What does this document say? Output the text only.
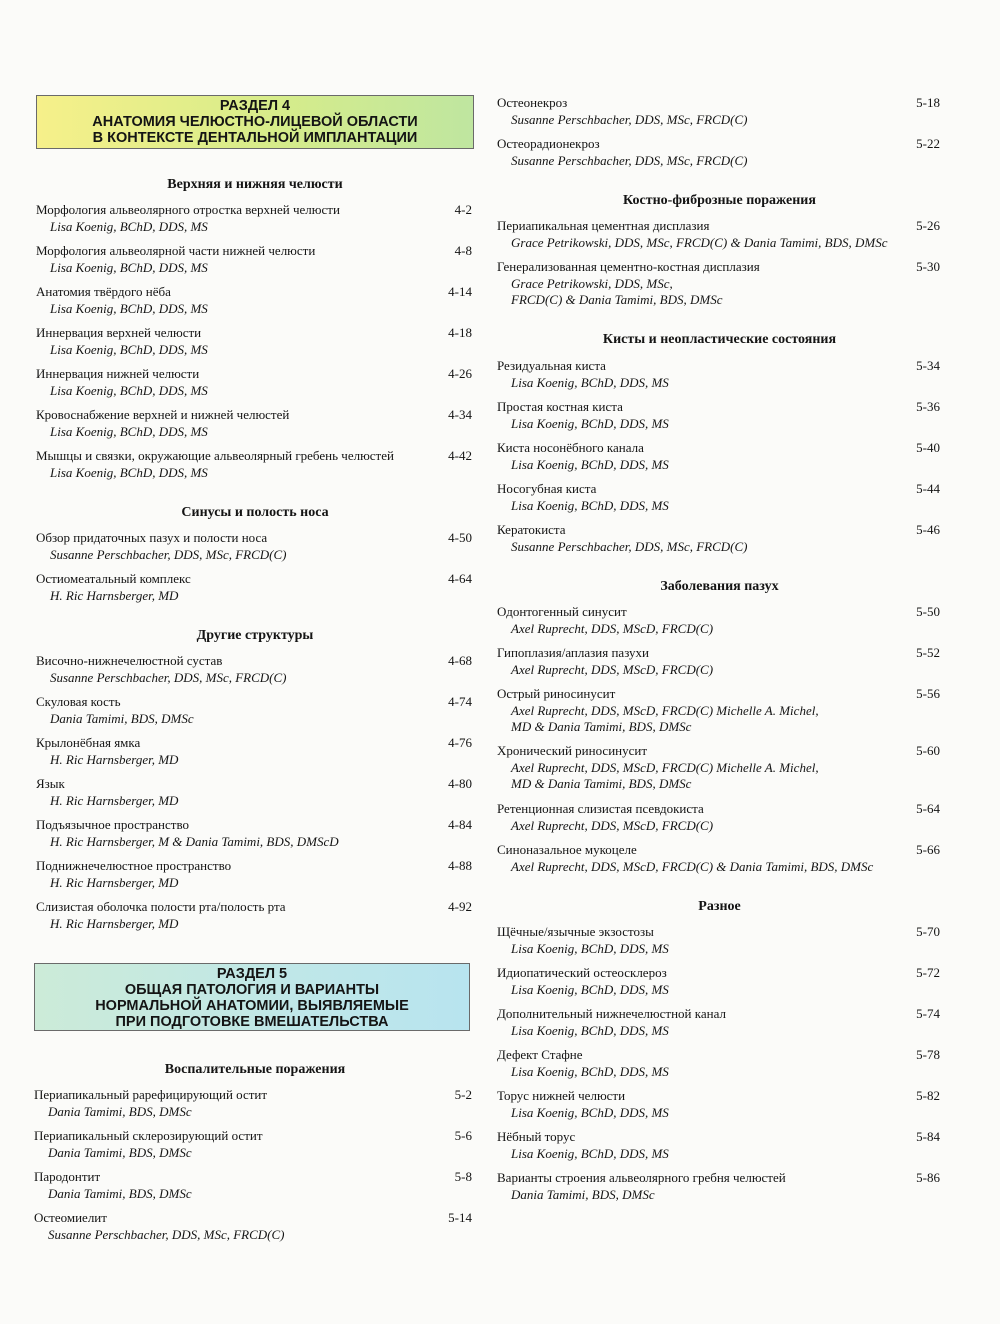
РАЗДЕЛ 4
АНАТОМИЯ ЧЕЛЮСТНО-ЛИЦЕВОЙ ОБЛАСТИ
В КОНТЕКСТЕ ДЕНТАЛЬНОЙ ИМПЛАНТАЦИИ
Верхняя и нижняя челюсти
Морфология альвеолярного отростка верхней челюсти	4-2
Lisa Koenig, BChD, DDS, MS
Морфология альвеолярной части нижней челюсти	4-8
Lisa Koenig, BChD, DDS, MS
Анатомия твёрдого нёба	4-14
Lisa Koenig, BChD, DDS, MS
Иннервация верхней челюсти	4-18
Lisa Koenig, BChD, DDS, MS
Иннервация нижней челюсти	4-26
Lisa Koenig, BChD, DDS, MS
Кровоснабжение верхней и нижней челюстей	4-34
Lisa Koenig, BChD, DDS, MS
Мышцы и связки, окружающие альвеолярный гребень челюстей	4-42
Lisa Koenig, BChD, DDS, MS
Синусы и полость носа
Обзор придаточных пазух и полости носа	4-50
Susanne Perschbacher, DDS, MSc, FRCD(C)
Остиомеатальный комплекс	4-64
H. Ric Harnsberger, MD
Другие структуры
Височно-нижнечелюстной сустав	4-68
Susanne Perschbacher, DDS, MSc, FRCD(C)
Скуловая кость	4-74
Dania Tamimi, BDS, DMSc
Крылонёбная ямка	4-76
H. Ric Harnsberger, MD
Язык	4-80
H. Ric Harnsberger, MD
Подъязычное пространство	4-84
H. Ric Harnsberger, M & Dania Tamimi, BDS, DMScD
Поднижнечелюстное пространство	4-88
H. Ric Harnsberger, MD
Слизистая оболочка полости рта/полость рта	4-92
H. Ric Harnsberger, MD
РАЗДЕЛ 5
ОБЩАЯ ПАТОЛОГИЯ И ВАРИАНТЫ
НОРМАЛЬНОЙ АНАТОМИИ, ВЫЯВЛЯЕМЫЕ
ПРИ ПОДГОТОВКЕ ВМЕШАТЕЛЬСТВА
Воспалительные поражения
Периапикальный рарефицирующий остит	5-2
Dania Tamimi, BDS, DMSc
Периапикальный склерозирующий остит	5-6
Dania Tamimi, BDS, DMSc
Пародонтит	5-8
Dania Tamimi, BDS, DMSc
Остеомиелит	5-14
Susanne Perschbacher, DDS, MSc, FRCD(C)
Остеонекроз	5-18
Susanne Perschbacher, DDS, MSc, FRCD(C)
Остеорадионекроз	5-22
Susanne Perschbacher, DDS, MSc, FRCD(C)
Костно-фиброзные поражения
Периапикальная цементная дисплазия	5-26
Grace Petrikowski, DDS, MSc, FRCD(C) & Dania Tamimi, BDS, DMSc
Генерализованная цементно-костная дисплазия	5-30
Grace Petrikowski, DDS, MSc,
FRCD(C) & Dania Tamimi, BDS, DMSc
Кисты и неопластические состояния
Резидуальная киста	5-34
Lisa Koenig, BChD, DDS, MS
Простая костная киста	5-36
Lisa Koenig, BChD, DDS, MS
Киста носонёбного канала	5-40
Lisa Koenig, BChD, DDS, MS
Носогубная киста	5-44
Lisa Koenig, BChD, DDS, MS
Кератокиста	5-46
Susanne Perschbacher, DDS, MSc, FRCD(C)
Заболевания пазух
Одонтогенный синусит	5-50
Axel Ruprecht, DDS, MScD, FRCD(C)
Гипоплазия/аплазия пазухи	5-52
Axel Ruprecht, DDS, MScD, FRCD(C)
Острый риносинусит	5-56
Axel Ruprecht, DDS, MScD, FRCD(C) Michelle A. Michel,
MD & Dania Tamimi, BDS, DMSc
Хронический риносинусит	5-60
Axel Ruprecht, DDS, MScD, FRCD(C) Michelle A. Michel,
MD & Dania Tamimi, BDS, DMSc
Ретенционная слизистая псевдокиста	5-64
Axel Ruprecht, DDS, MScD, FRCD(C)
Синоназальное мукоцеле	5-66
Axel Ruprecht, DDS, MScD, FRCD(C) & Dania Tamimi, BDS, DMSc
Разное
Щёчные/язычные экзостозы	5-70
Lisa Koenig, BChD, DDS, MS
Идиопатический остеосклероз	5-72
Lisa Koenig, BChD, DDS, MS
Дополнительный нижнечелюстной канал	5-74
Lisa Koenig, BChD, DDS, MS
Дефект Стафне	5-78
Lisa Koenig, BChD, DDS, MS
Торус нижней челюсти	5-82
Lisa Koenig, BChD, DDS, MS
Нёбный торус	5-84
Lisa Koenig, BChD, DDS, MS
Варианты строения альвеолярного гребня челюстей	5-86
Dania Tamimi, BDS, DMSc
